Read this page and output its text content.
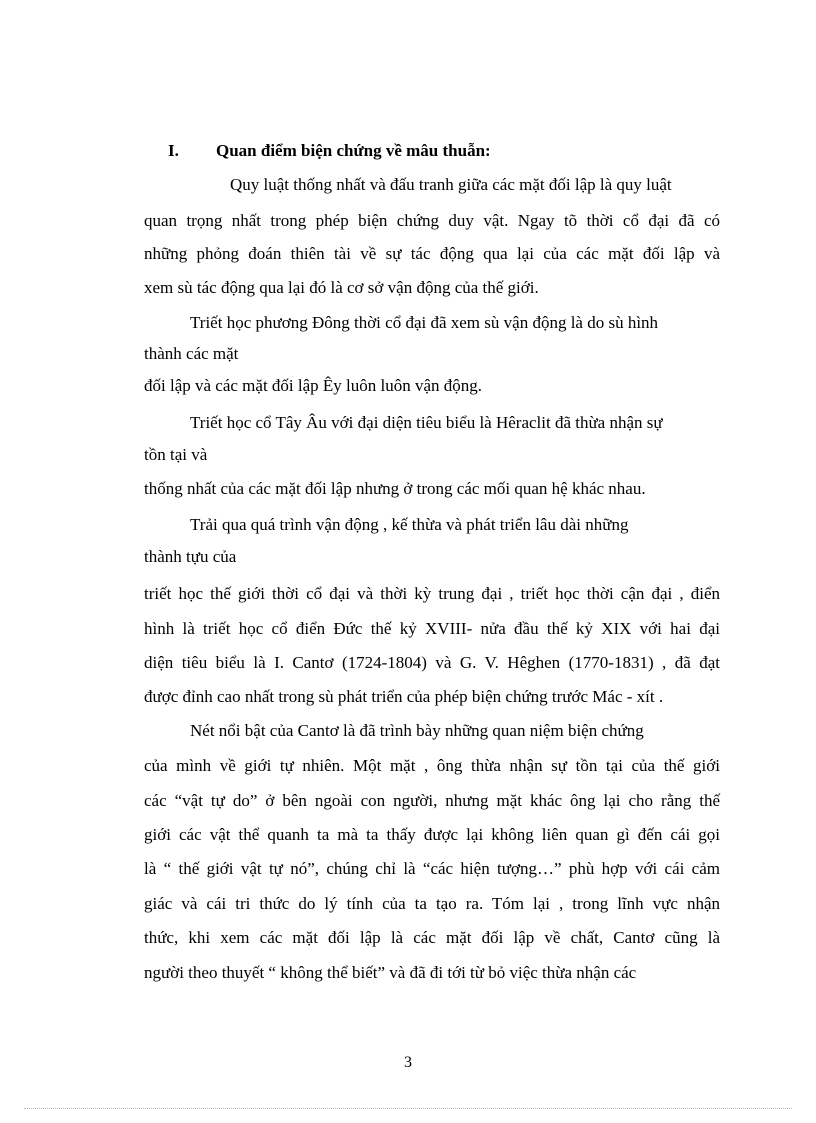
I. Quan điểm biện chứng về mâu thuẫn:
Quy luật thống nhất và đấu tranh giữa các mặt đối lập là quy luật
quan trọng nhất trong phép biện chứng duy vật. Ngay tõ thời cổ đại đã có
những phỏng đoán thiên tài về sự tác động qua lại của các mặt đối lập và
xem sù tác động qua lại đó là cơ sở vận động của thế giới.
Triết học phương Đông thời cổ đại đã xem sù vận động là do sù hình
thành các mặt
đối lập và các mặt đối lập Êy luôn luôn vận động.
Triết học cổ Tây Âu với đại diện tiêu biểu là Hêraclit đã thừa nhận sự
tồn tại và
thống nhất của các mặt đối lập nhưng ở trong các mối quan hệ khác nhau.
Trải qua quá trình vận động , kế thừa và phát triển lâu dài những
thành tựu của
triết học thế giới thời cổ đại và thời kỳ trung đại , triết học thời cận đại , điển
hình là triết học cổ điển Đức thế kỷ XVIII- nửa đầu thế kỷ XIX với hai đại
diện tiêu biểu là I. Cantơ (1724-1804) và G. V. Hêghen (1770-1831) , đã đạt
được đỉnh cao nhất trong sù phát triển của phép biện chứng trước Mác - xít .
Nét nổi bật của Cantơ là đã trình bày những quan niệm biện chứng
của mình về giới tự nhiên. Một mặt , ông thừa nhận sự tồn tại của thế giới
các “vật tự do” ở bên ngoài con người, nhưng mặt khác ông lại cho rằng thế
giới các vật thể quanh ta mà ta thấy được lại không liên quan gì đến cái gọi
là “ thế giới vật tự nó”, chúng chỉ là “các hiện tượng…” phù hợp với cái cảm
giác và cái tri thức do lý tính của ta tạo ra. Tóm lại , trong lĩnh vực nhận
thức, khi xem các mặt đối lập là các mặt đối lập về chất, Cantơ cũng là
người theo thuyết “ không thể biết” và đã đi tới từ bỏ việc thừa nhận các
3
